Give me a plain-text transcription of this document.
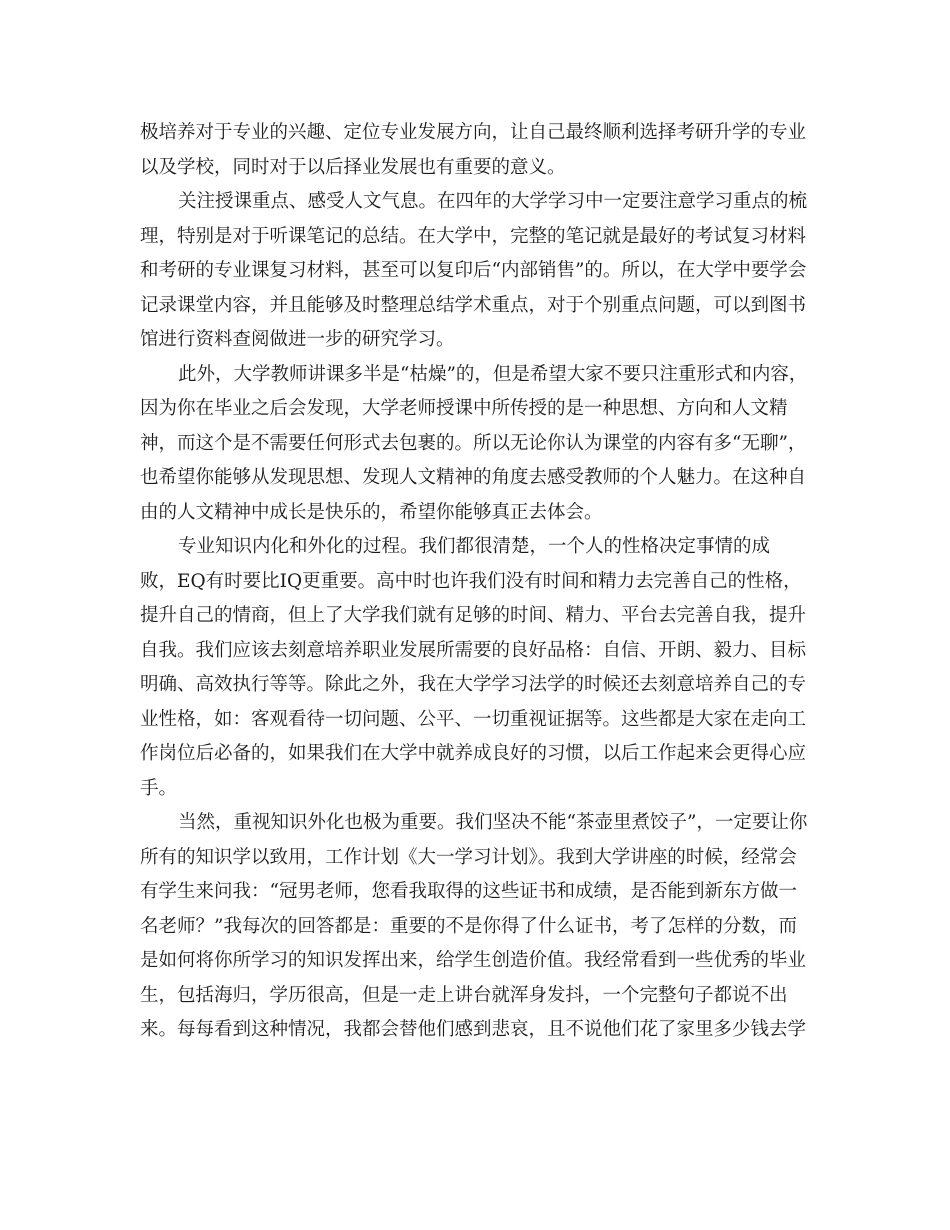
极培养对于专业的兴趣、定位专业发展方向，让自己最终顺利选择考研升学的专业
以及学校，同时对于以后择业发展也有重要的意义。
关注授课重点、感受人文气息。在四年的大学学习中一定要注意学习重点的梳
理，特别是对于听课笔记的总结。在大学中，完整的笔记就是最好的考试复习材料
和考研的专业课复习材料，甚至可以复印后“内部销售”的。所以，在大学中要学会
记录课堂内容，并且能够及时整理总结学术重点，对于个别重点问题，可以到图书
馆进行资料查阅做进一步的研究学习。
此外，大学教师讲课多半是“枯燥”的，但是希望大家不要只注重形式和内容，
因为你在毕业之后会发现，大学老师授课中所传授的是一种思想、方向和人文精
神，而这个是不需要任何形式去包裹的。所以无论你认为课堂的内容有多“无聊”，
也希望你能够从发现思想、发现人文精神的角度去感受教师的个人魅力。在这种自
由的人文精神中成长是快乐的，希望你能够真正去体会。
专业知识内化和外化的过程。我们都很清楚，一个人的性格决定事情的成
败，EQ有时要比IQ更重要。高中时也许我们没有时间和精力去完善自己的性格，
提升自己的情商，但上了大学我们就有足够的时间、精力、平台去完善自我，提升
自我。我们应该去刻意培养职业发展所需要的良好品格：自信、开朗、毅力、目标
明确、高效执行等等。除此之外，我在大学学习法学的时候还去刻意培养自己的专
业性格，如：客观看待一切问题、公平、一切重视证据等。这些都是大家在走向工
作岗位后必备的，如果我们在大学中就养成良好的习惯，以后工作起来会更得心应
手。
当然，重视知识外化也极为重要。我们坚决不能“茶壶里煮饺子”，一定要让你
所有的知识学以致用，工作计划《大一学习计划》。我到大学讲座的时候，经常会
有学生来问我：“冠男老师，您看我取得的这些证书和成绩，是否能到新东方做一
名老师？”我每次的回答都是：重要的不是你得了什么证书，考了怎样的分数，而
是如何将你所学习的知识发挥出来，给学生创造价值。我经常看到一些优秀的毕业
生，包括海归，学历很高，但是一走上讲台就浑身发抖，一个完整句子都说不出
来。每每看到这种情况，我都会替他们感到悲哀，且不说他们花了家里多少钱去学
